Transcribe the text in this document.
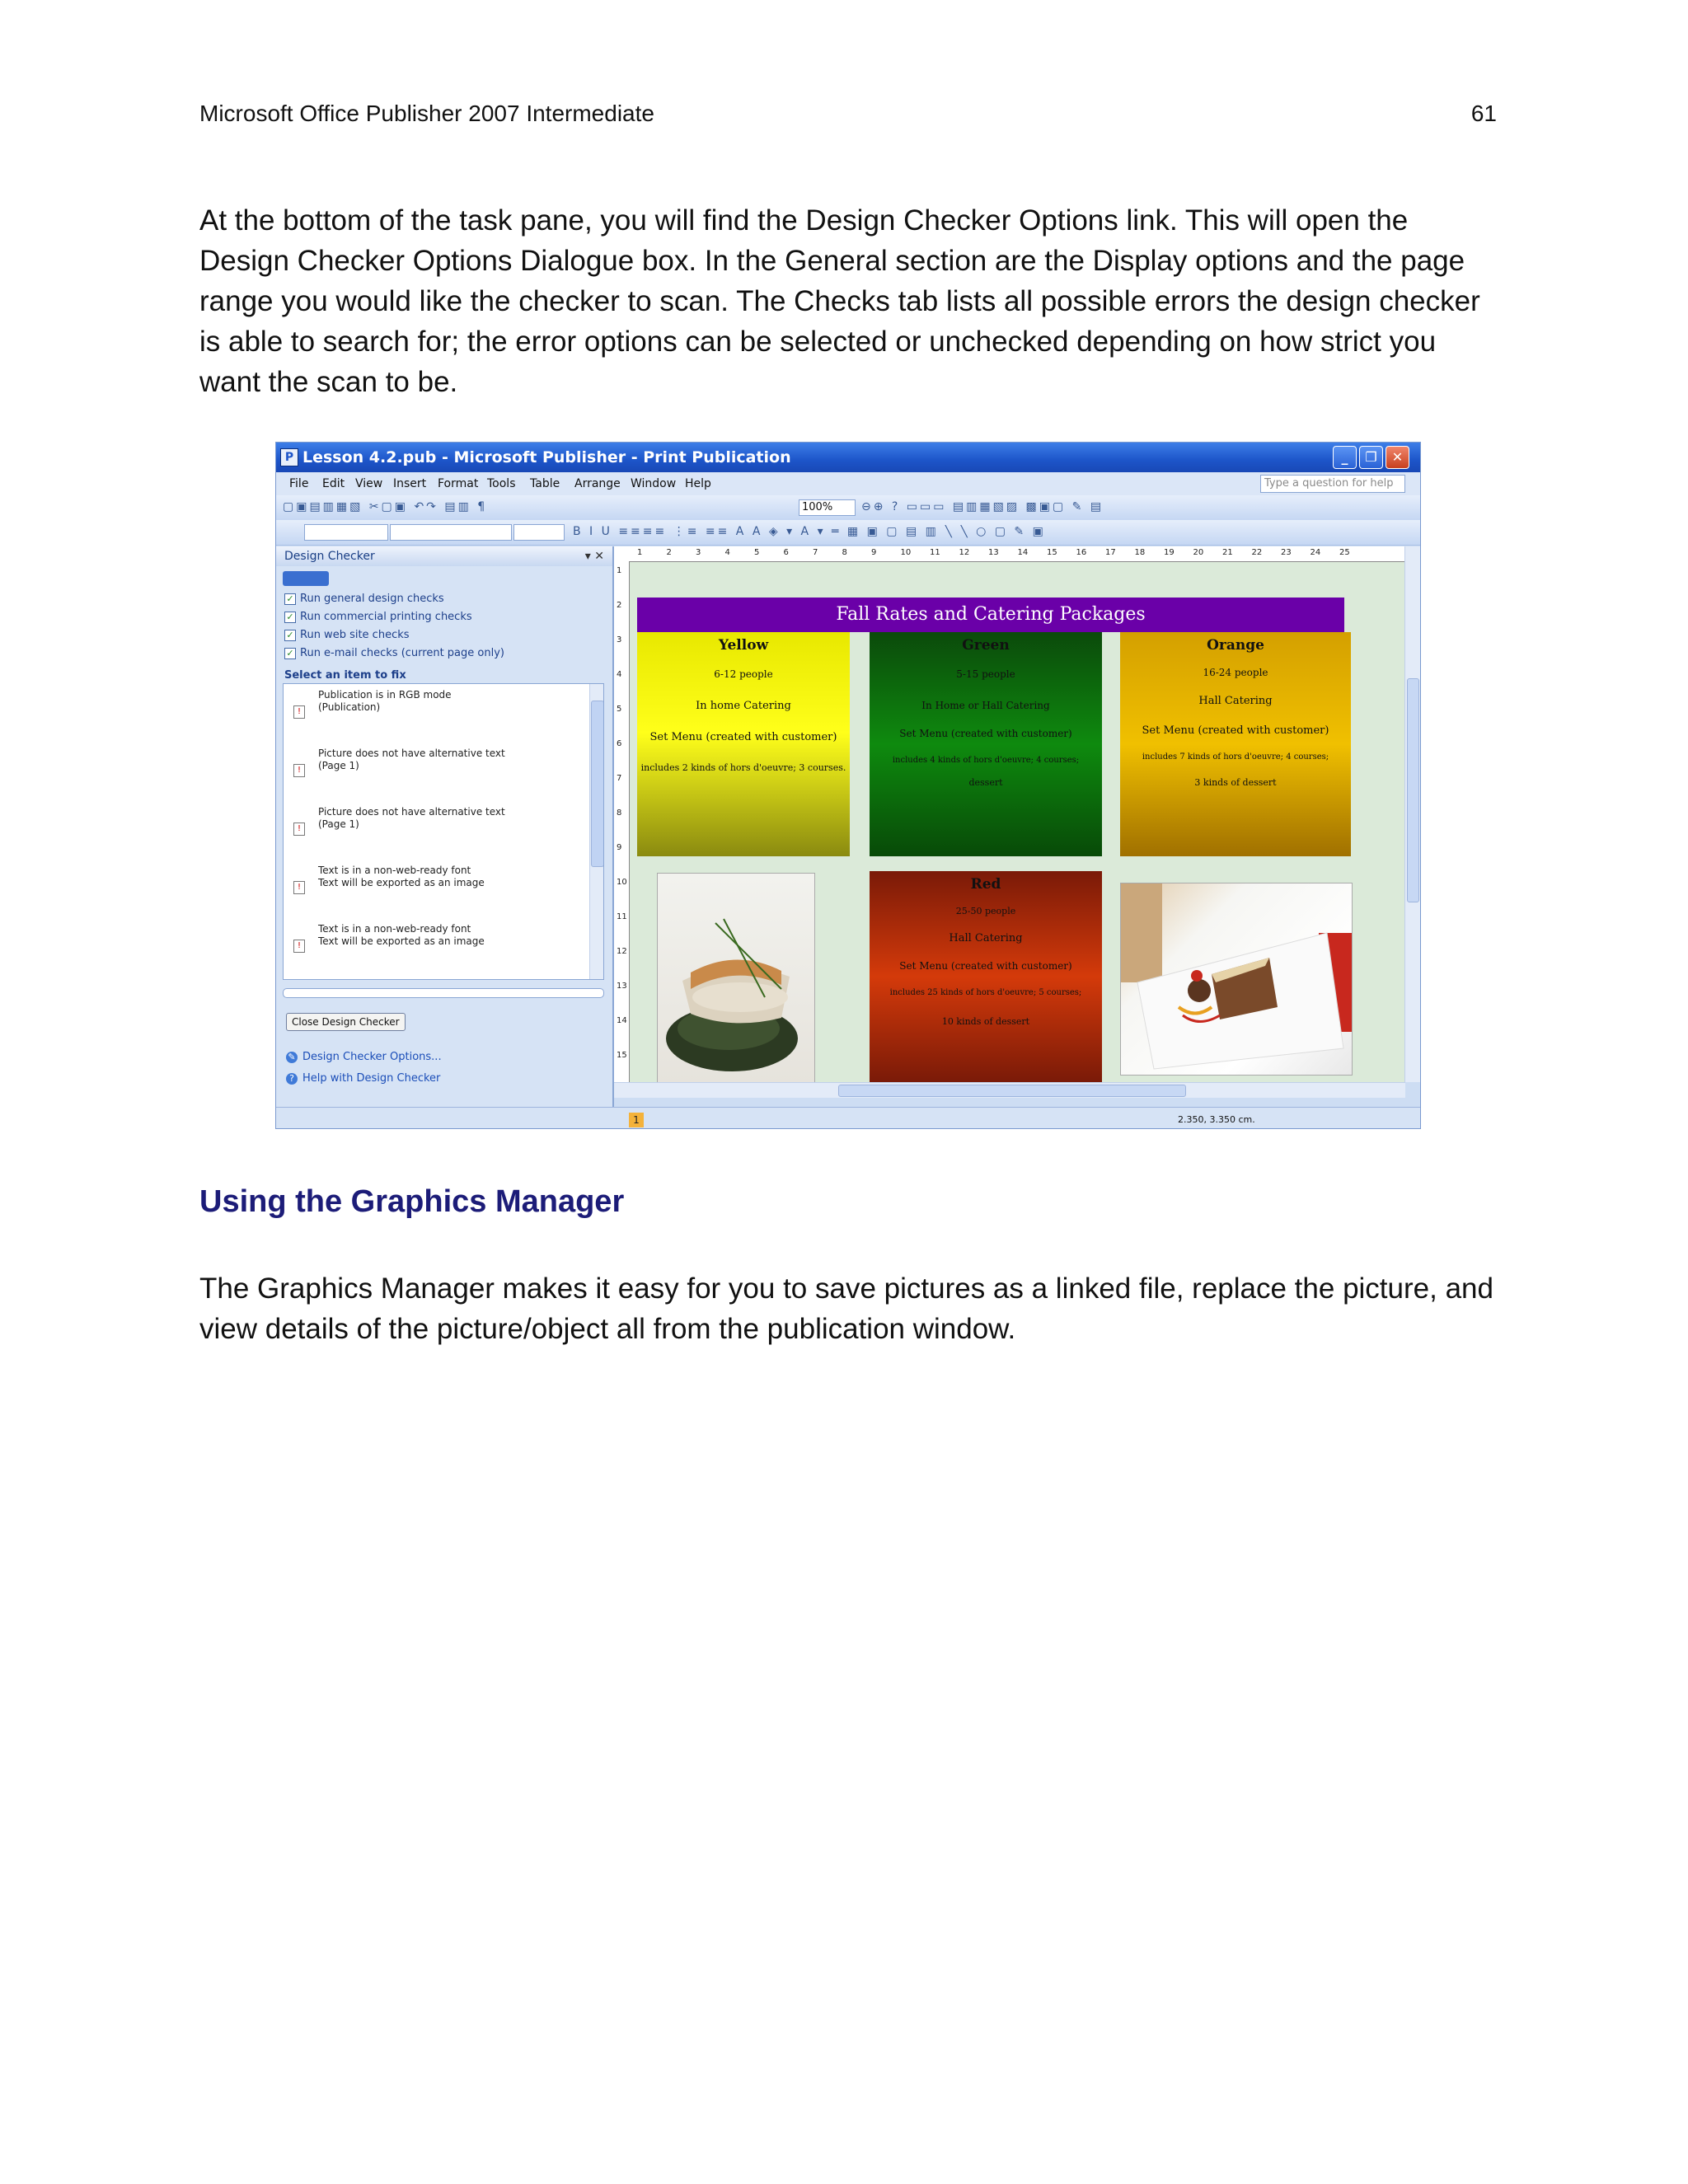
Microsoft Office Publisher 2007 Intermediate	61

At the bottom of the task pane, you will find the Design Checker Options link. This will open the Design Checker Options Dialogue box. In the General section are the Display options and the page range you would like the checker to scan. The Checks tab lists all possible errors the design checker is able to search for; the error options can be selected or unchecked depending on how strict you want the scan to be.

P Lesson 4.2.pub - Microsoft Publisher - Print Publication	_	❐	✕
File Edit View Insert Format Tools Table Arrange Window Help	Type a question for help
▢▣▤▥▦▧ ✂▢▣ ↶↷ ▤▥ ¶	100%	⊖⊕ ? ▭▭▭ ▤▥▦▧▨ ▩▣▢ ✎ ▤
B I U ≡≡≡≡ ⋮≡ ≡≡ A A ◈ ▾ A ▾ ═ ▦ ▣ ▢ ▤ ▥ ╲ ╲ ○ ▢ ✎ ▣
Design Checker	▾ ✕
✓ Run general design checks
✓ Run commercial printing checks
✓ Run web site checks
✓ Run e-mail checks (current page only)
Select an item to fix
!
Publication is in RGB mode
(Publication)
!
Picture does not have alternative text
(Page 1)
!
Picture does not have alternative text
(Page 1)
!
Text is in a non-web-ready font
Text will be exported as an image
!
Text is in a non-web-ready font
Text will be exported as an image
Close Design Checker
✎ Design Checker Options...
? Help with Design Checker
1	2	3	4	5	6	7	8	9	10 11 12 13 14 15 16 17 18 19 20 21 22 23 24 25
1
2
3
4
5
6
7
8
9
10
11
12
13
14
15
Fall Rates and Catering Packages
Yellow
6-12 people
In home Catering
Set Menu (created with customer)
includes 2 kinds of hors d'oeuvre; 3 courses.
Green
5-15 people
In Home or Hall Catering
Set Menu (created with customer)
includes 4 kinds of hors d'oeuvre; 4 courses;
dessert
Orange
16-24 people
Hall Catering
Set Menu (created with customer)
includes 7 kinds of hors d'oeuvre; 4 courses;
3 kinds of dessert
Red
25-50 people
Hall Catering
Set Menu (created with customer)
includes 25 kinds of hors d'oeuvre; 5 courses;
10 kinds of dessert
1	2.350, 3.350 cm.
Using the Graphics Manager

The Graphics Manager makes it easy for you to save pictures as a linked file, replace the picture, and view details of the picture/object all from the publication window.
